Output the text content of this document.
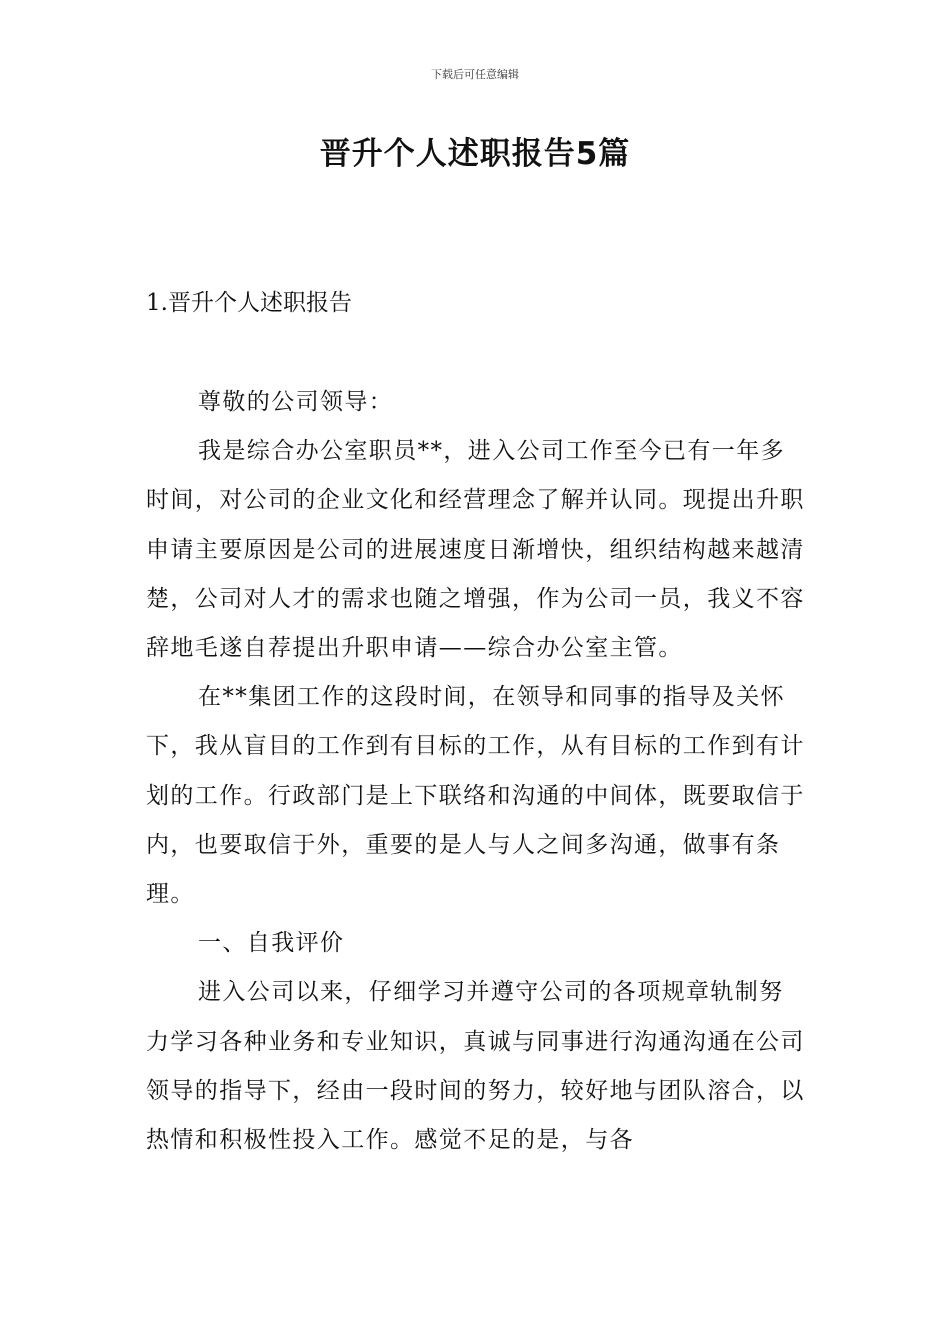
下载后可任意编辑
晋升个人述职报告5篇
1.晋升个人述职报告

尊敬的公司领导：

我是综合办公室职员**，进入公司工作至今已有一年多时间，对公司的企业文化和经营理念了解并认同。现提出升职申请主要原因是公司的进展速度日渐增快，组织结构越来越清楚，公司对人才的需求也随之增强，作为公司一员，我义不容辞地毛遂自荐提出升职申请——综合办公室主管。

在**集团工作的这段时间，在领导和同事的指导及关怀下，我从盲目的工作到有目标的工作，从有目标的工作到有计划的工作。行政部门是上下联络和沟通的中间体，既要取信于内，也要取信于外，重要的是人与人之间多沟通，做事有条理。

一、自我评价

进入公司以来，仔细学习并遵守公司的各项规章轨制努力学习各种业务和专业知识，真诚与同事进行沟通沟通在公司领导的指导下，经由一段时间的努力，较好地与团队溶合，以热情和积极性投入工作。感觉不足的是，与各
